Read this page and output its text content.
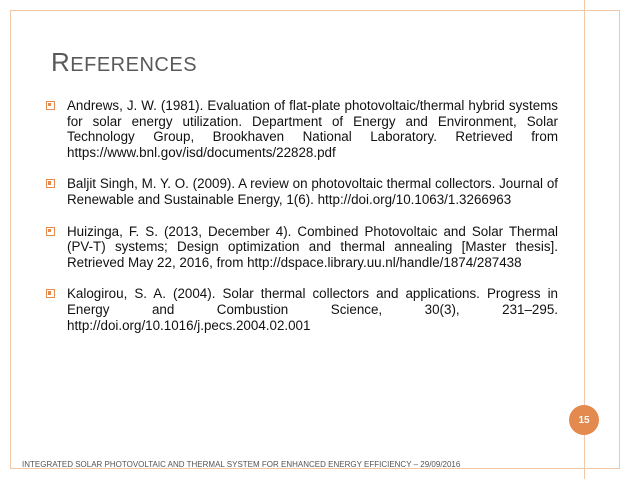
REFERENCES
Andrews, J. W. (1981). Evaluation of flat-plate photovoltaic/thermal hybrid systems for solar energy utilization. Department of Energy and Environment, Solar Technology Group, Brookhaven National Laboratory. Retrieved from https://www.bnl.gov/isd/documents/22828.pdf
Baljit Singh, M. Y. O. (2009). A review on photovoltaic thermal collectors. Journal of Renewable and Sustainable Energy, 1(6). http://doi.org/10.1063/1.3266963
Huizinga, F. S. (2013, December 4). Combined Photovoltaic and Solar Thermal (PV-T) systems; Design optimization and thermal annealing [Master thesis]. Retrieved May 22, 2016, from http://dspace.library.uu.nl/handle/1874/287438
Kalogirou, S. A. (2004). Solar thermal collectors and applications. Progress in Energy and Combustion Science, 30(3), 231–295. http://doi.org/10.1016/j.pecs.2004.02.001
15
INTEGRATED SOLAR PHOTOVOLTAIC AND THERMAL SYSTEM FOR ENHANCED ENERGY EFFICIENCY – 29/09/2016
